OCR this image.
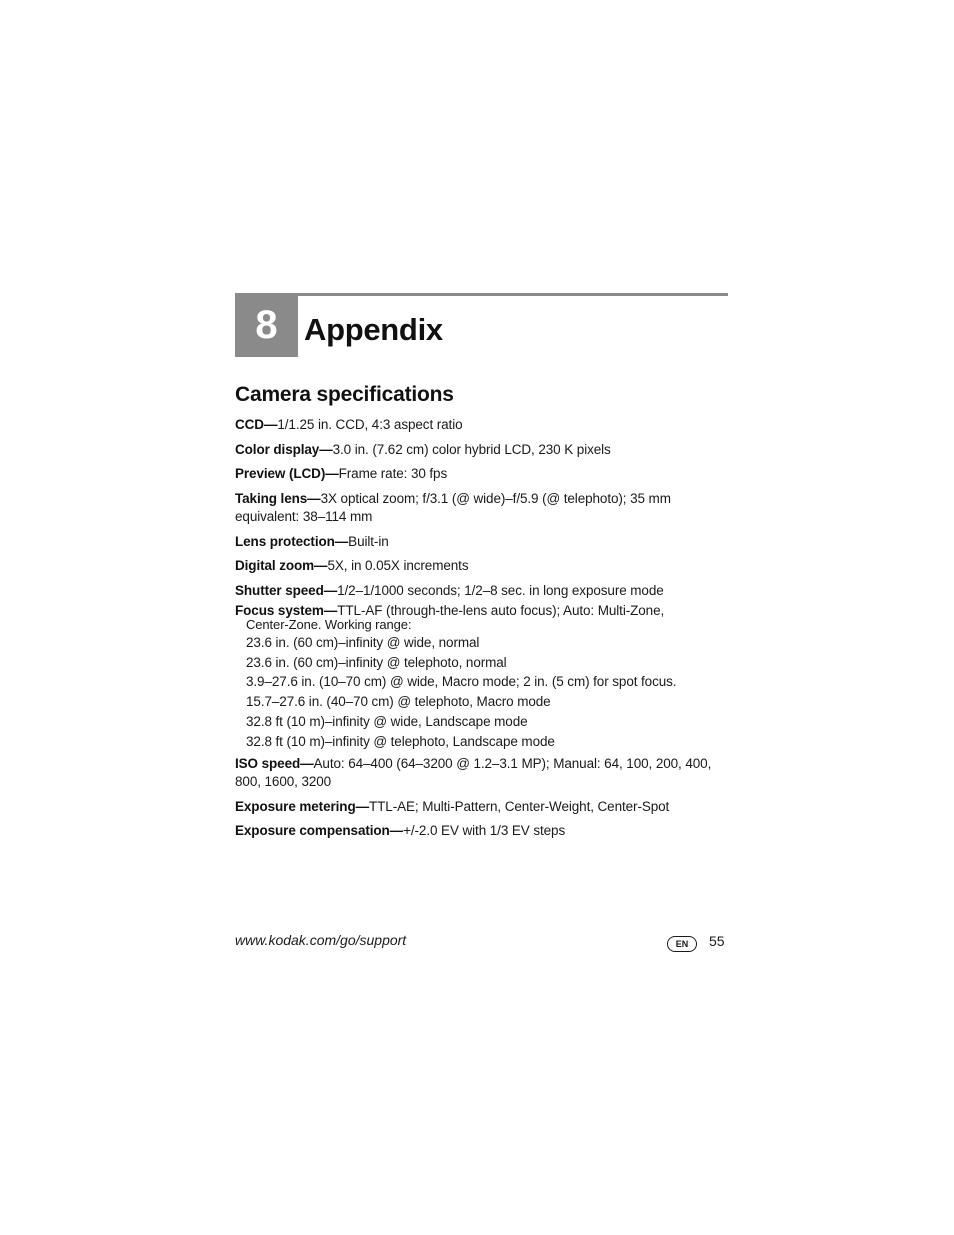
8 Appendix
Camera specifications
CCD—1/1.25 in. CCD, 4:3 aspect ratio
Color display—3.0 in. (7.62 cm) color hybrid LCD, 230 K pixels
Preview (LCD)—Frame rate: 30 fps
Taking lens—3X optical zoom; f/3.1 (@ wide)–f/5.9 (@ telephoto); 35 mm equivalent: 38–114 mm
Lens protection—Built-in
Digital zoom—5X, in 0.05X increments
Shutter speed—1/2–1/1000 seconds; 1/2–8 sec. in long exposure mode
Focus system—TTL-AF (through-the-lens auto focus); Auto: Multi-Zone,
Center-Zone. Working range:
23.6 in. (60 cm)–infinity @ wide, normal
23.6 in. (60 cm)–infinity @ telephoto, normal
3.9–27.6 in. (10–70 cm) @ wide, Macro mode; 2 in. (5 cm) for spot focus.
15.7–27.6 in. (40–70 cm) @ telephoto, Macro mode
32.8 ft (10 m)–infinity @ wide, Landscape mode
32.8 ft (10 m)–infinity @ telephoto, Landscape mode
ISO speed—Auto: 64–400 (64–3200 @ 1.2–3.1 MP); Manual: 64, 100, 200, 400, 800, 1600, 3200
Exposure metering—TTL-AE; Multi-Pattern, Center-Weight, Center-Spot
Exposure compensation—+/-2.0 EV with 1/3 EV steps
www.kodak.com/go/support	EN	55
